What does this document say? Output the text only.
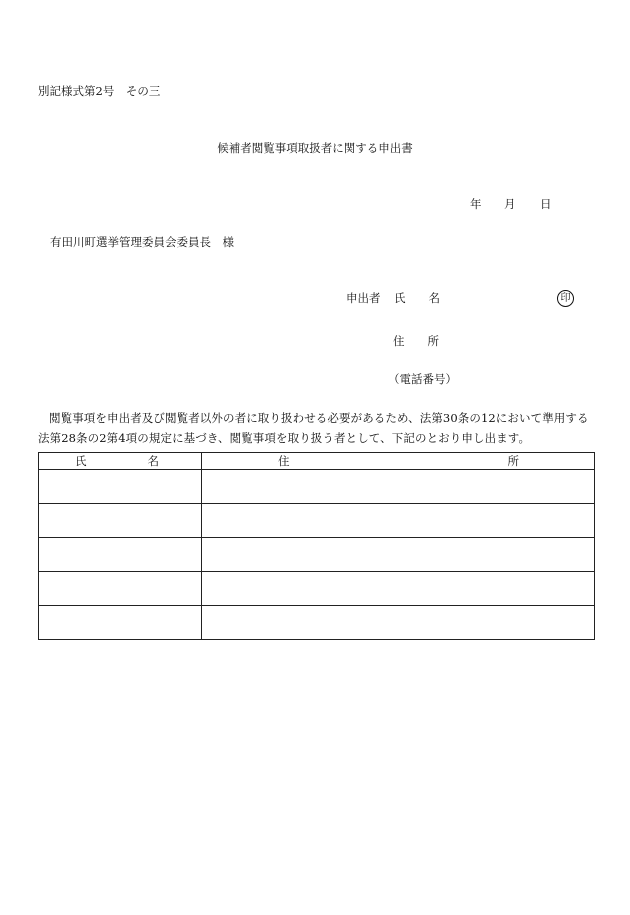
別記様式第2号　その三
候補者閲覧事項取扱者に関する申出書
年 月 日
有田川町選挙管理委員会委員長　様
申出者 氏　　名	印
住　　所
（電話番号）
閲覧事項を申出者及び閲覧者以外の者に取り扱わせる必要があるため、法第30条の12において準用する法第28条の2第4項の規定に基づき、閲覧事項を取り扱う者として、下記のとおり申し出ます。
氏 名	住 所
